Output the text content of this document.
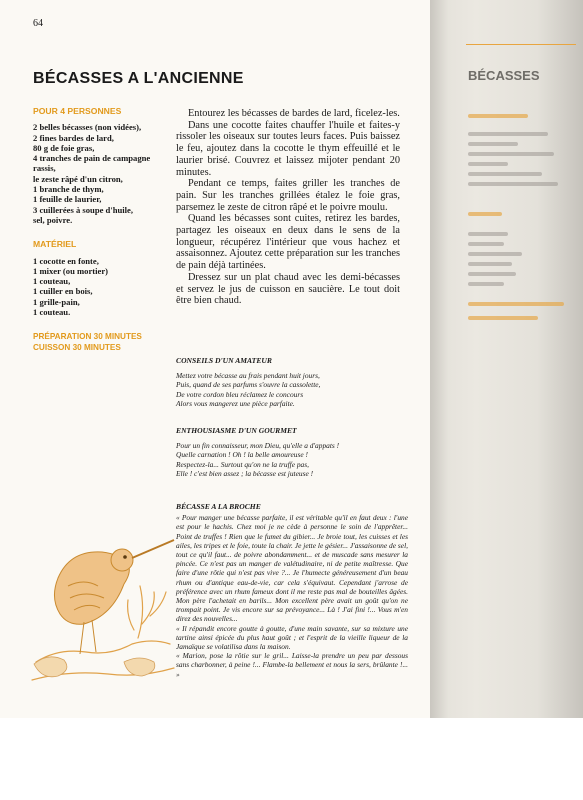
64
BÉCASSES A L'ANCIENNE
POUR 4 PERSONNES

2 belles bécasses (non vidées),

2 fines bardes de lard,

80 g de foie gras,

4 tranches de pain de campagne rassis,

le zeste râpé d'un citron,

1 branche de thym,

1 feuille de laurier,

3 cuillerées à soupe d'huile,

sel, poivre.

MATÉRIEL

1 cocotte en fonte,

1 mixer (ou mortier)

1 couteau,

1 cuiller en bois,

1 grille-pain,

1 couteau.

PRÉPARATION 30 MINUTES
CUISSON 30 MINUTES

Entourez les bécasses de bardes de lard, ficelez-les.

Dans une cocotte faites chauffer l'huile et faites-y rissoler les oiseaux sur toutes leurs faces. Puis baissez le feu, ajoutez dans la cocotte le thym effeuillé et le laurier brisé. Couvrez et laissez mijoter pendant 20 minutes.

Pendant ce temps, faites griller les tranches de pain. Sur les tranches grillées étalez le foie gras, parsemez le zeste de citron râpé et le poivre moulu.

Quand les bécasses sont cuites, retirez les bardes, partagez les oiseaux en deux dans le sens de la longueur, récupérez l'intérieur que vous hachez et assaisonnez. Ajoutez cette préparation sur les tranches de pain déjà tartinées.

Dressez sur un plat chaud avec les demi-bécasses et servez le jus de cuisson en saucière. Le tout doit être bien chaud.

CONSEILS D'UN AMATEUR

Mettez votre bécasse au frais pendant huit jours,

Puis, quand de ses parfums s'ouvre la cassolette,

De votre cordon bleu réclamez le concours

Alors vous mangerez une pièce parfaite.

ENTHOUSIASME D'UN GOURMET

Pour un fin connaisseur, mon Dieu, qu'elle a d'appats !

Quelle carnation ! Oh ! la belle amoureuse !

Respectez-la... Surtout qu'on ne la truffe pas,

Elle ! c'est bien assez ; la bécasse est juteuse !

BÉCASSE A LA BROCHE

« Pour manger une bécasse parfaite, il est véritable qu'il en faut deux : l'une est pour le hachis. Chez moi je ne cède à personne le soin de l'apprêter... Point de truffes ! Rien que le fumet du gibier... Je broie tout, les cuisses et les ailes, les tripes et le foie, toute la chair. Je jette le gésier... J'assaisonne de sel, tout ce qu'il faut... de poivre abondamment... et de muscade sans mesurer la pincée. Ce n'est pas un manger de valétudinaire, ni de petite maîtresse. Que faire d'une rôtie qui n'est pas vive ?... Je l'humecte généreusement d'un beau rhum ou d'antique eau-de-vie, car cela s'équivaut. Cependant j'arrose de préférence avec un rhum fameux dont il me reste pas mal de bouteilles âgées. Mon père l'achetait en barils... Mon excellent père avait un goût qu'on ne trompait point. Je vis encore sur sa prévoyance... Là ! J'ai fini !... Vous m'en direz des nouvelles...

« Il répandit encore goutte à goutte, d'une main savante, sur sa mixture une tartine ainsi épicée du plus haut goût ; et l'esprit de la vieille liqueur de la Jamaïque se volatilisa dans la maison.

« Marion, pose la rôtie sur le gril... Laisse-la prendre un peu par dessous sans charbonner, à peine !... Flambe-la bellement et nous la sers, brûlante !... »

BÉCASSES
